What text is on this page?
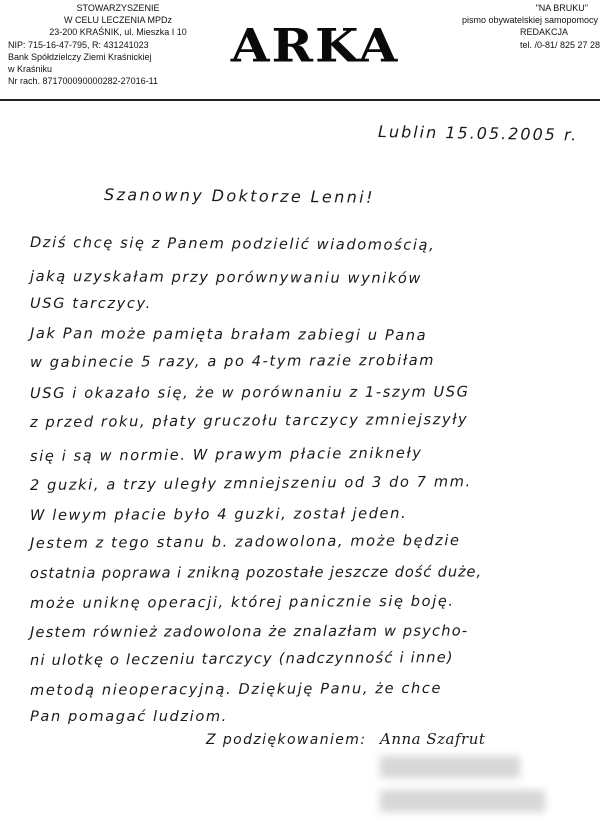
STOWARZYSZENIE
W CELU LECZENIA MPDz
23-200 KRAŚNIK, ul. Mieszka I 10
NIP: 715-16-47-795, R: 431241023
Bank Spółdzielczy Ziemi Kraśnickiej
w Kraśniku
Nr rach. 871700090000282-27016-11
ARKA
"NA BRUKU"
pismo obywatelskiej samopomocy
REDAKCJA
tel. /0-81/ 825 27 28
Lublin 15.05.2005 r.
Szanowny Doktorze Lenni!
Dziś chcę się z Panem podzielić wiadomością,
jaką uzyskałam przy porównywaniu wyników
USG tarczycy.
Jak Pan może pamięta brałam zabiegi u Pana
w gabinecie 5 razy, a po 4-tym razie zrobiłam
USG i okazało się, że w porównaniu z 1-szym USG
z przed roku, płaty gruczołu tarczycy zmniejszyły
się i są w normie. W prawym płacie znikneły
2 guzki, a trzy uległy zmniejszeniu od 3 do 7 mm.
W lewym płacie było 4 guzki, został jeden.
Jestem z tego stanu b. zadowolona, może będzie
ostatnia poprawa i znikną pozostałe jeszcze dość duże,
może uniknę operacji, której panicznie się boję.
Jestem również zadowolona że znalazłam w psycho-
ni ulotkę o leczeniu tarczycy (nadczynność i inne)
metodą nieoperacyjną. Dziękuję Panu, że chce
Pan pomagać ludziom.
Z podziękowaniem: Anna Szafrut
